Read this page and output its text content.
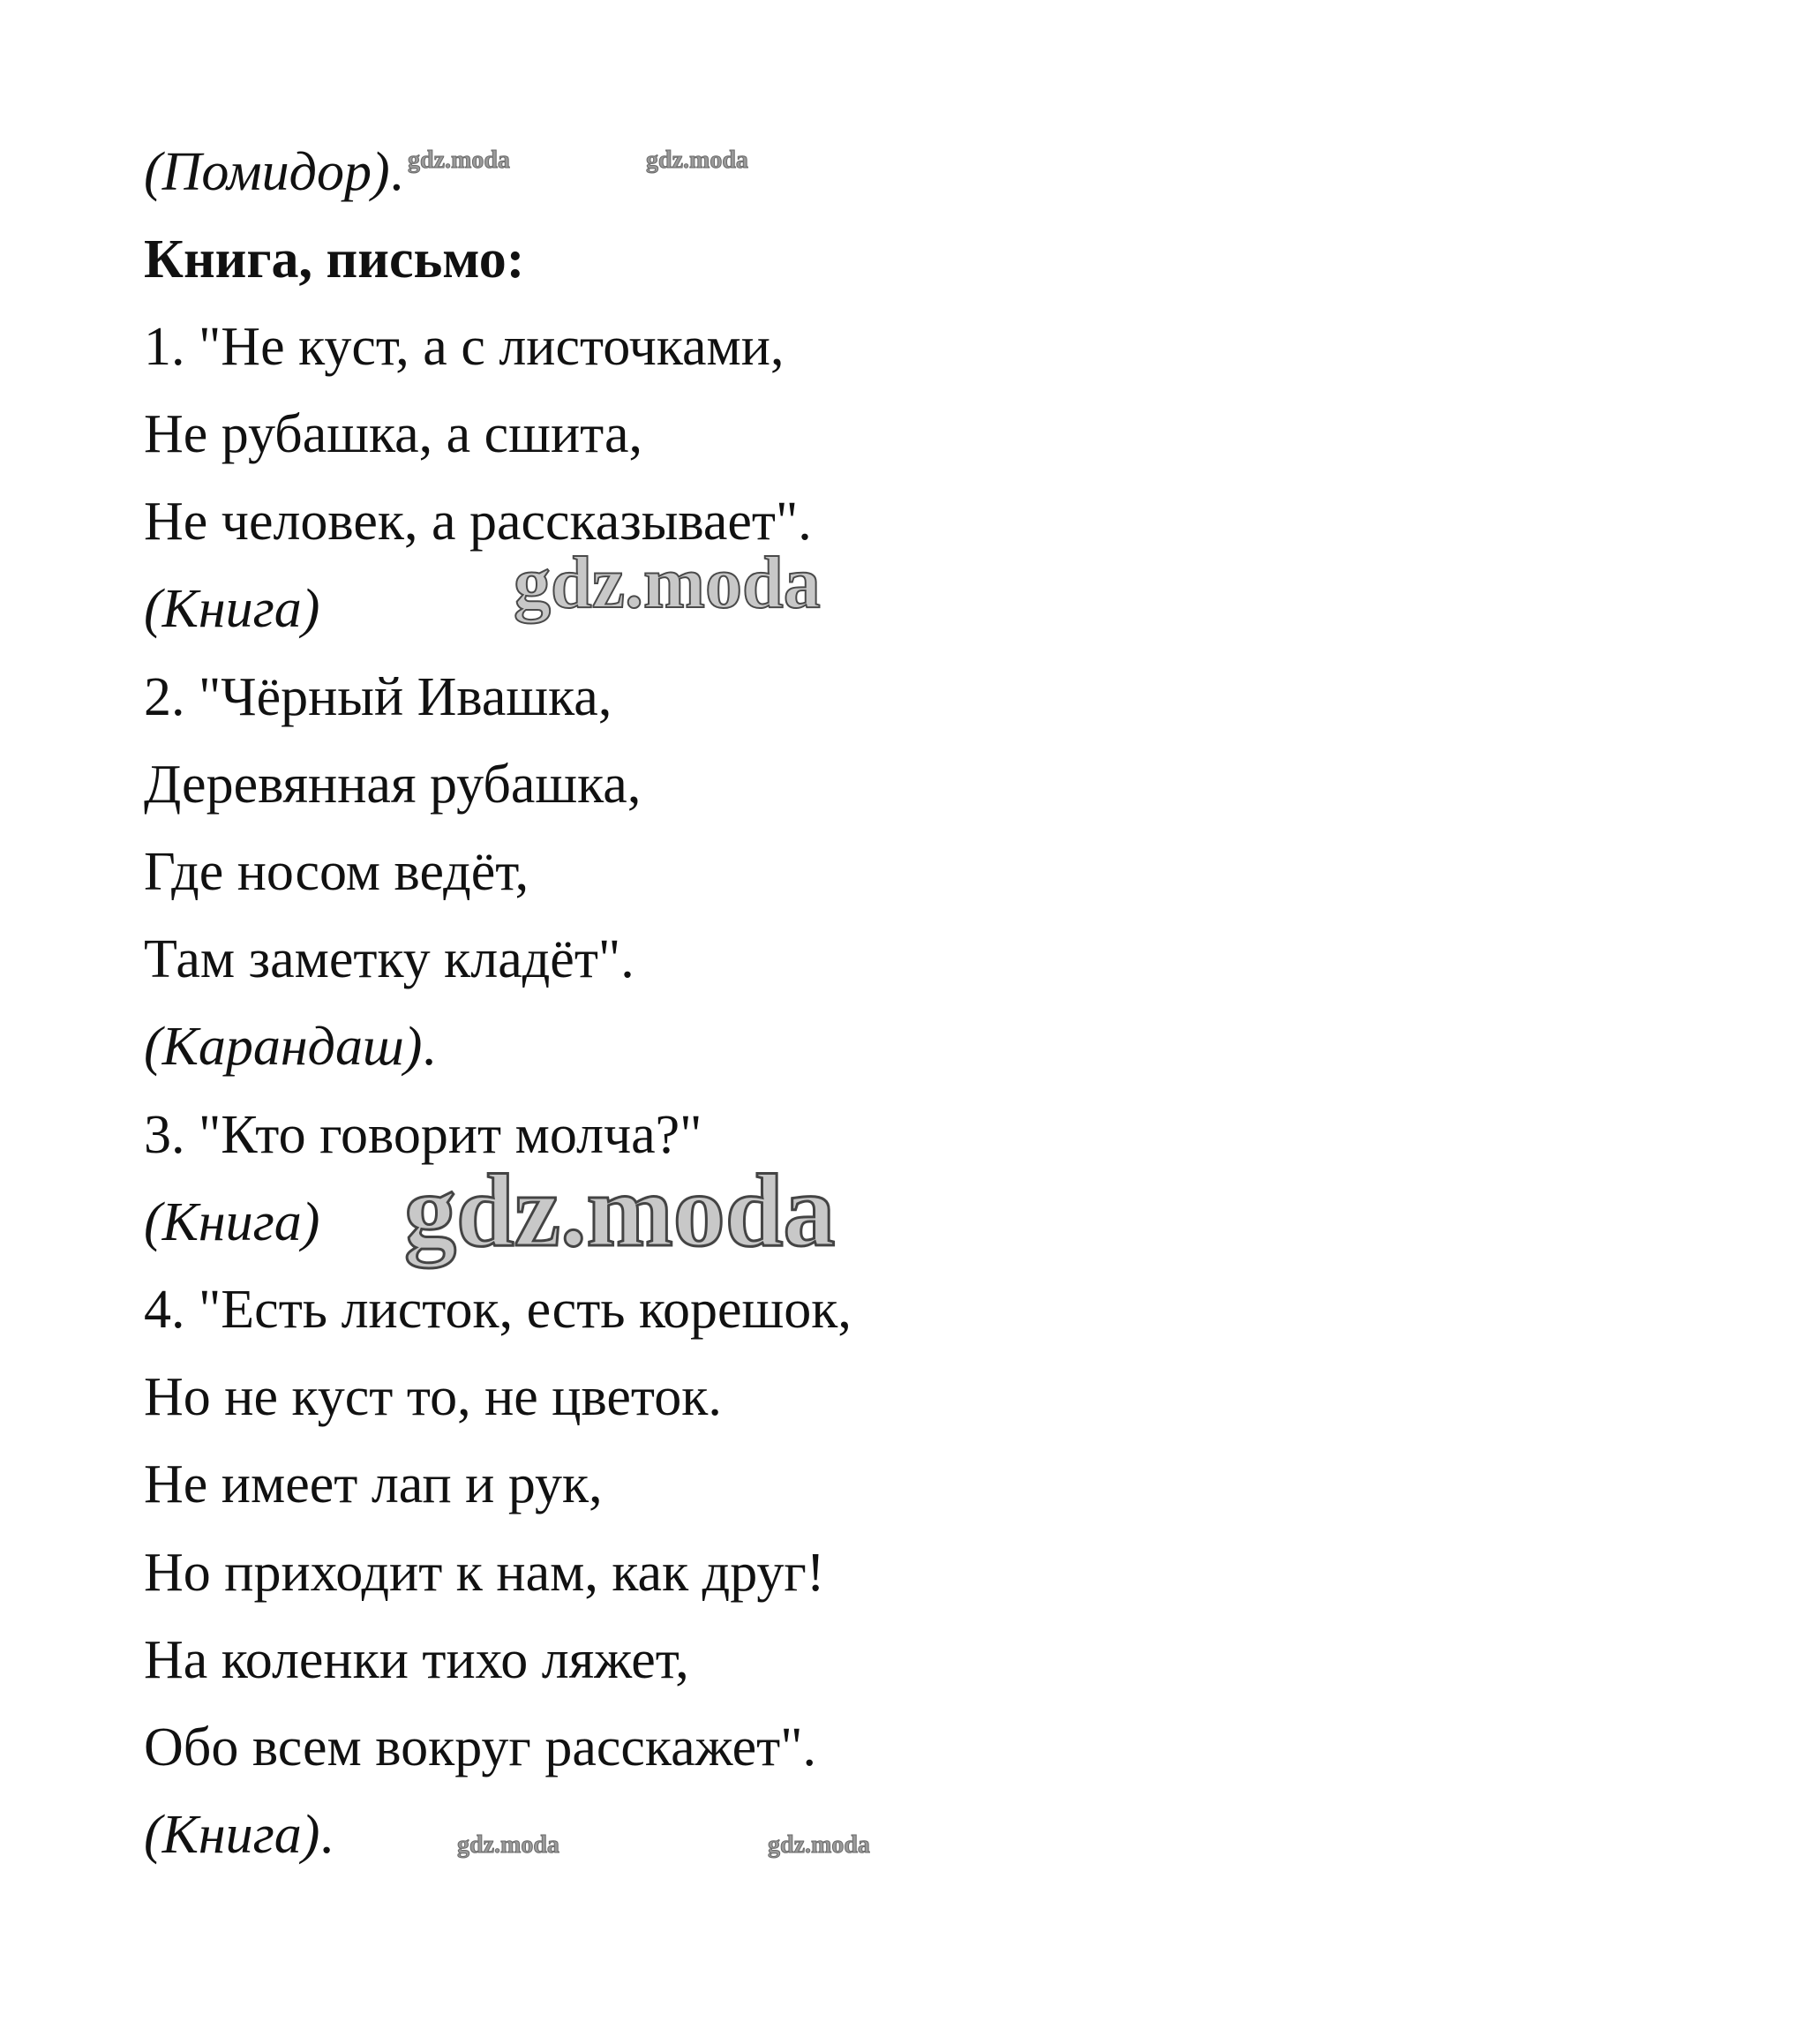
(Помидор).
Книга, письмо:
1. "Не куст, а с листочками,
Не рубашка, а сшита,
Не человек, а рассказывает".
(Книга)
2. "Чёрный Ивашка,
Деревянная рубашка,
Где носом ведёт,
Там заметку кладёт".
(Карандаш).
3. "Кто говорит молча?"
(Книга)
4. "Есть листок, есть корешок,
Но не куст то, не цветок.
Не имеет лап и рук,
Но приходит к нам, как друг!
На коленки тихо ляжет,
Обо всем вокруг расскажет".
(Книга).
gdz.moda	gdz.moda
gdz.moda
gdz.moda
gdz.moda	gdz.moda
